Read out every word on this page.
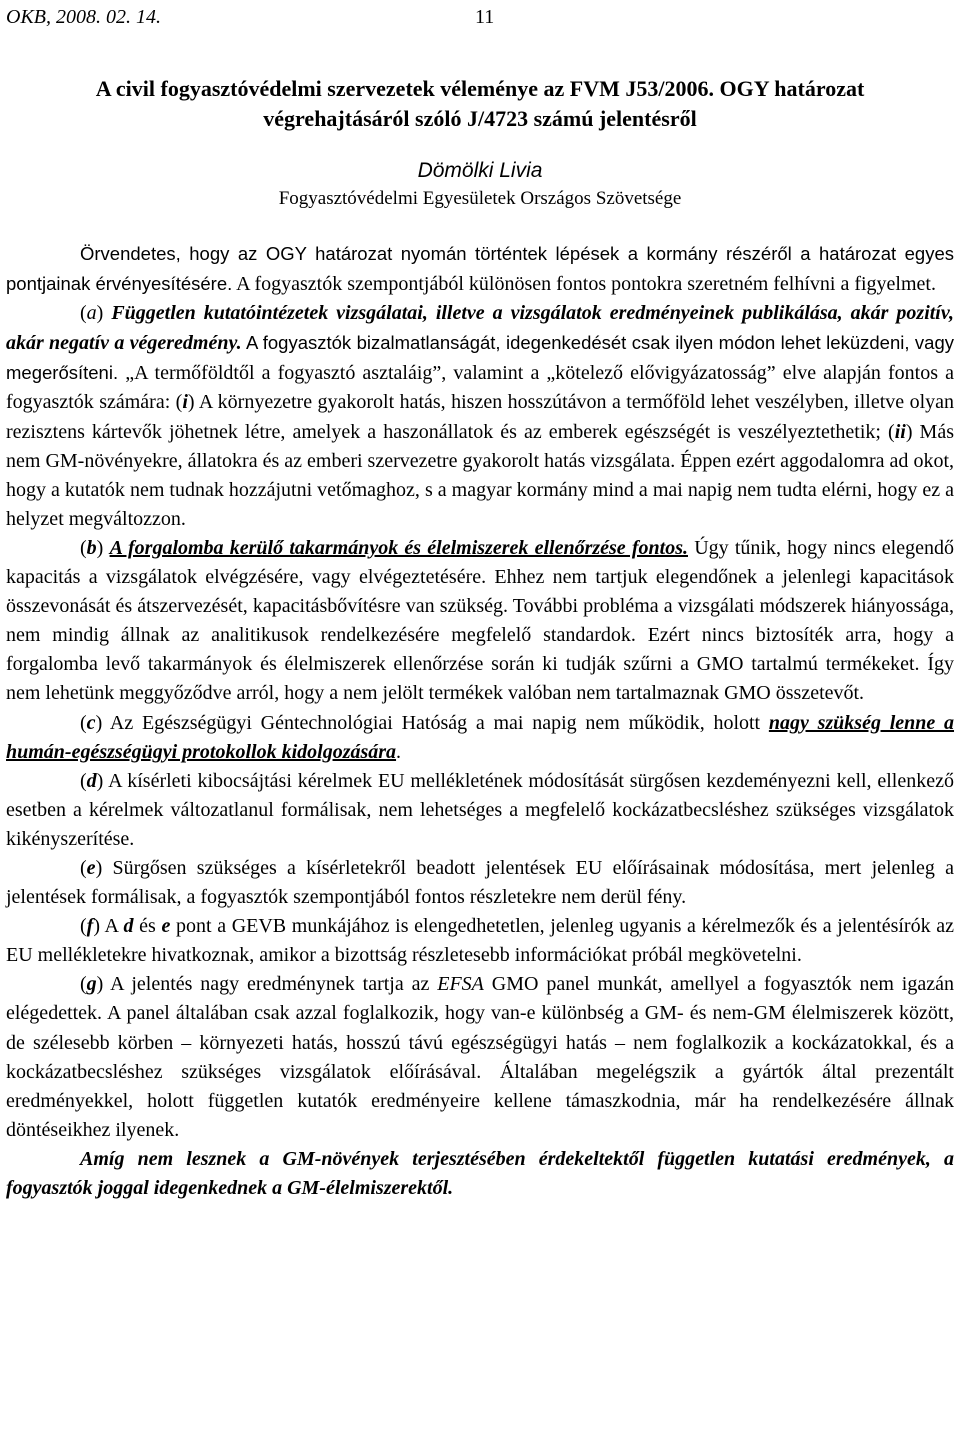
OKB, 2008. 02. 14.	11
A civil fogyasztóvédelmi szervezetek véleménye az FVM J53/2006. OGY határozat
végrehajtásáról szóló J/4723 számú jelentésről
Dömölki Livia
Fogyasztóvédelmi Egyesületek Országos Szövetsége

Örvendetes, hogy az OGY határozat nyomán történtek lépések a kormány részéről a határozat egyes pontjainak érvényesítésére. A fogyasztók szempontjából különösen fontos pontokra szeretném felhívni a figyelmet.

(a) Független kutatóintézetek vizsgálatai, illetve a vizsgálatok eredményeinek publikálása, akár pozitív, akár negatív a végeredmény. A fogyasztók bizalmatlanságát, idegenkedését csak ilyen módon lehet leküzdeni, vagy megerősíteni. „A termőföldtől a fogyasztó asztaláig”, valamint a „kötelező elővigyázatosság” elve alapján fontos a fogyasztók számára: (i) A környezetre gyakorolt hatás, hiszen hosszútávon a termőföld lehet veszélyben, illetve olyan rezisztens kártevők jöhetnek létre, amelyek a haszonállatok és az emberek egészségét is veszélyeztethetik; (ii) Más nem GM-növényekre, állatokra és az emberi szervezetre gyakorolt hatás vizsgálata. Éppen ezért aggodalomra ad okot, hogy a kutatók nem tudnak hozzájutni vetőmaghoz, s a magyar kormány mind a mai napig nem tudta elérni, hogy ez a helyzet megváltozzon.

(b) A forgalomba kerülő takarmányok és élelmiszerek ellenőrzése fontos. Úgy tűnik, hogy nincs elegendő kapacitás a vizsgálatok elvégzésére, vagy elvégeztetésére. Ehhez nem tartjuk elegendőnek a jelenlegi kapacitások összevonását és átszervezését, kapacitásbővítésre van szükség. További probléma a vizsgálati módszerek hiányossága, nem mindig állnak az analitikusok rendelkezésére megfelelő standardok. Ezért nincs biztosíték arra, hogy a forgalomba levő takarmányok és élelmiszerek ellenőrzése során ki tudják szűrni a GMO tartalmú termékeket. Így nem lehetünk meggyőződve arról, hogy a nem jelölt termékek valóban nem tartalmaznak GMO összetevőt.

(c) Az Egészségügyi Géntechnológiai Hatóság a mai napig nem működik, holott nagy szükség lenne a humán-egészségügyi protokollok kidolgozására.

(d) A kísérleti kibocsájtási kérelmek EU mellékletének módosítását sürgősen kezdeményezni kell, ellenkező esetben a kérelmek változatlanul formálisak, nem lehetséges a megfelelő kockázatbecsléshez szükséges vizsgálatok kikényszerítése.

(e) Sürgősen szükséges a kísérletekről beadott jelentések EU előírásainak módosítása, mert jelenleg a jelentések formálisak, a fogyasztók szempontjából fontos részletekre nem derül fény.

(f) A d és e pont a GEVB munkájához is elengedhetetlen, jelenleg ugyanis a kérelmezők és a jelentésírók az EU mellékletekre hivatkoznak, amikor a bizottság részletesebb információkat próbál megkövetelni.

(g) A jelentés nagy eredménynek tartja az EFSA GMO panel munkát, amellyel a fogyasztók nem igazán elégedettek. A panel általában csak azzal foglalkozik, hogy van-e különbség a GM- és nem-GM élelmiszerek között, de szélesebb körben – környezeti hatás, hosszú távú egészségügyi hatás – nem foglalkozik a kockázatokkal, és a kockázatbecsléshez szükséges vizsgálatok előírásával. Általában megelégszik a gyártók által prezentált eredményekkel, holott független kutatók eredményeire kellene támaszkodnia, már ha rendelkezésére állnak döntéseikhez ilyenek.

Amíg nem lesznek a GM-növények terjesztésében érdekeltektől független kutatási eredmények, a fogyasztók joggal idegenkednek a GM-élelmiszerektől.
